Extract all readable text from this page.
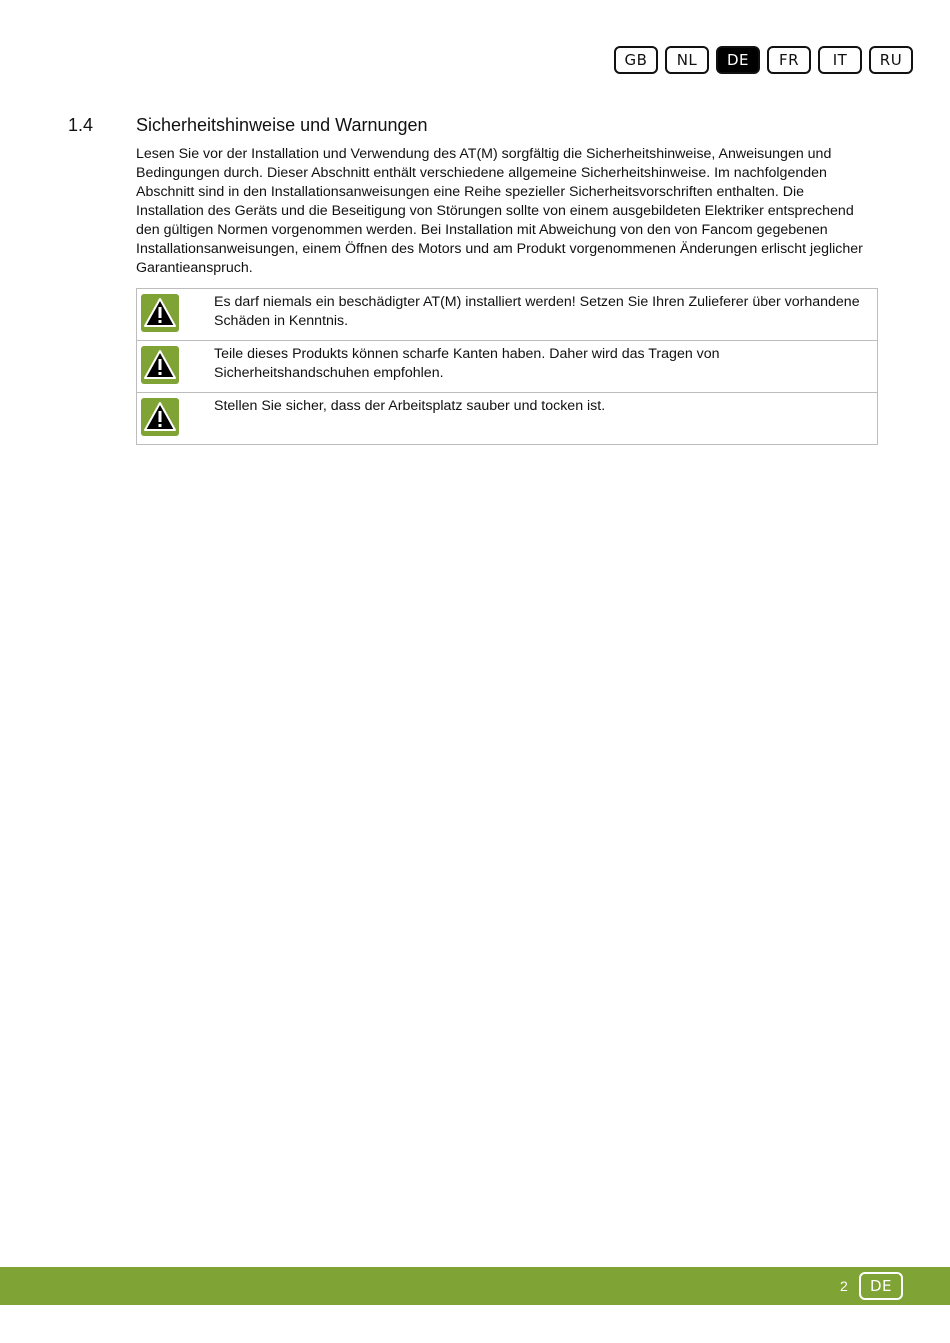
GB	NL	DE	FR	IT	RU
1.4 Sicherheitshinweise und Warnungen

Lesen Sie vor der Installation und Verwendung des AT(M) sorgfältig die Sicherheitshinweise, Anweisungen und Bedingungen durch. Dieser Abschnitt enthält verschiedene allgemeine Sicherheitshinweise. Im nachfolgenden Abschnitt sind in den Installationsanweisungen eine Reihe spezieller Sicherheitsvorschriften enthalten. Die Installation des Geräts und die Beseitigung von Störungen sollte von einem ausgebildeten Elektriker entsprechend den gültigen Normen vorgenommen werden. Bei Installation mit Abweichung von den von Fancom gegebenen Installationsanweisungen, einem Öffnen des Motors und am Produkt vorgenommenen Änderungen erlischt jeglicher Garantieanspruch.

Es darf niemals ein beschädigter AT(M) installiert werden! Setzen Sie Ihren Zulieferer über vorhandene Schäden in Kenntnis.
Teile dieses Produkts können scharfe Kanten haben. Daher wird das Tragen von Sicherheitshandschuhen empfohlen.
Stellen Sie sicher, dass der Arbeitsplatz sauber und tocken ist.
2	DE
